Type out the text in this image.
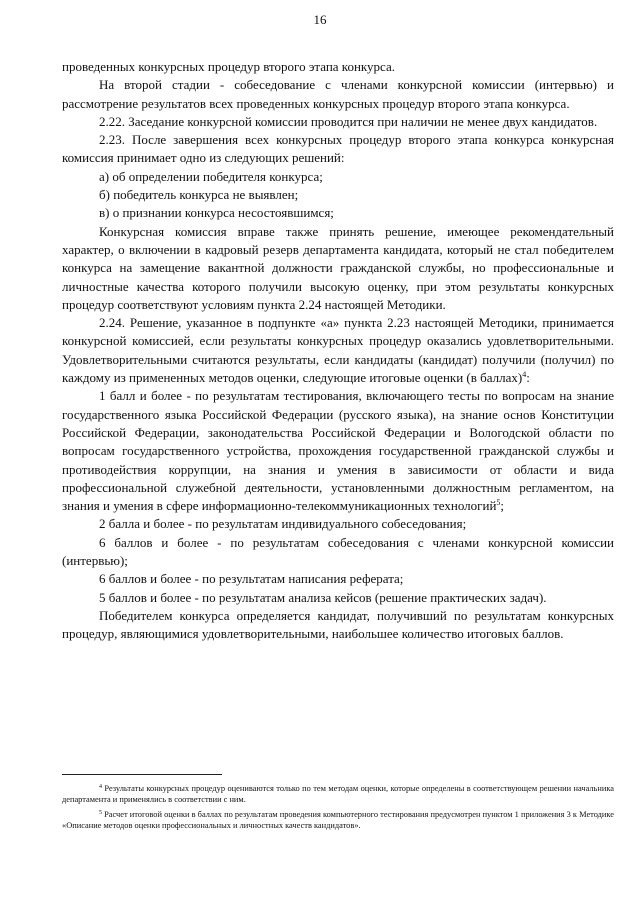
16

проведенных конкурсных процедур второго этапа конкурса.

На второй стадии - собеседование с членами конкурсной комиссии (интервью) и рассмотрение результатов всех проведенных конкурсных процедур второго этапа конкурса.

2.22. Заседание конкурсной комиссии проводится при наличии не менее двух кандидатов.

2.23. После завершения всех конкурсных процедур второго этапа конкурса конкурсная комиссия принимает одно из следующих решений:

а) об определении победителя конкурса;

б) победитель конкурса не выявлен;

в) о признании конкурса несостоявшимся;

Конкурсная комиссия вправе также принять решение, имеющее рекомендательный характер, о включении в кадровый резерв департамента кандидата, который не стал победителем конкурса на замещение вакантной должности гражданской службы, но профессиональные и личностные качества которого получили высокую оценку, при этом результаты конкурсных процедур соответствуют условиям пункта 2.24 настоящей Методики.

2.24. Решение, указанное в подпункте «а» пункта 2.23 настоящей Методики, принимается конкурсной комиссией, если результаты конкурсных процедур оказались удовлетворительными. Удовлетворительными считаются результаты, если кандидаты (кандидат) получили (получил) по каждому из примененных методов оценки, следующие итоговые оценки (в баллах)$^4$:

1 балл и более - по результатам тестирования, включающего тесты по вопросам на знание государственного языка Российской Федерации (русского языка), на знание основ Конституции Российской Федерации, законодательства Российской Федерации и Вологодской области по вопросам государственного устройства, прохождения государственной гражданской службы и противодействия коррупции, на знания и умения в зависимости от области и вида профессиональной служебной деятельности, установленными должностным регламентом, на знания и умения в сфере информационно-телекоммуникационных технологий$^5$;

2 балла и более - по результатам индивидуального собеседования;

6 баллов и более - по результатам собеседования с членами конкурсной комиссии (интервью);

6 баллов и более - по результатам написания реферата;

5 баллов и более - по результатам анализа кейсов (решение практических задач).

Победителем конкурса определяется кандидат, получивший по результатам конкурсных процедур, являющимися удовлетворительными, наибольшее количество итоговых баллов.

$^4$ Результаты конкурсных процедур оцениваются только по тем методам оценки, которые определены в соответствующем решении начальника департамента и применялись в соответствии с ним.

$^5$ Расчет итоговой оценки в баллах по результатам проведения компьютерного тестирования предусмотрен пунктом 1 приложения 3 к Методике «Описание методов оценки профессиональных и личностных качеств кандидатов».
